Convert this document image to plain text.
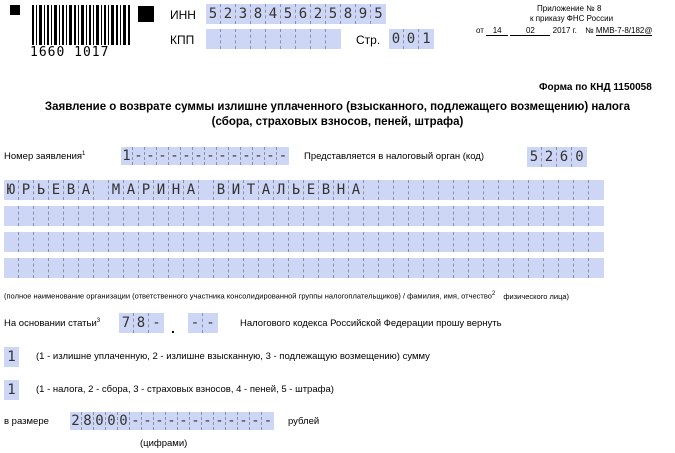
1660 1017
ИНН 5 2 3 8 4 5 6 2 5 8 9 5
КПП	Стр. 0 0 1
Приложение № 8
к приказу ФНС России
от 14	02 2017 г. № ММВ-7-8/182@
Форма по КНД 1150058
Заявление о возврате суммы излишне уплаченного (взысканного, подлежащего возмещению) налога
(сбора, страховых взносов, пеней, штрафа)
Номер заявления$^1$	1 - - - - - - - - - - - - - Представляется в налоговый орган (код)	5 2 6 0
Ю Р Ь Е В А М А Р И Н А В И Т А Л Ь Е В Н А
(полное наименование организации (ответственного участника консолидированной группы налогоплательщиков) / фамилия, имя, отчество$^2$ физического лица)
На основании статьи$^3$ 7 8 - . - -	Налогового кодекса Российской Федерации прошу вернуть
1	(1 - излишне уплаченную, 2 - излишне взысканную, 3 - подлежащую возмещению) сумму
1	(1 - налога, 2 - сбора, 3 - страховых взносов, 4 - пеней, 5 - штрафа)
в размере 2 8 0 0 0 - - - - - - - - - - - - рублей
(цифрами)
